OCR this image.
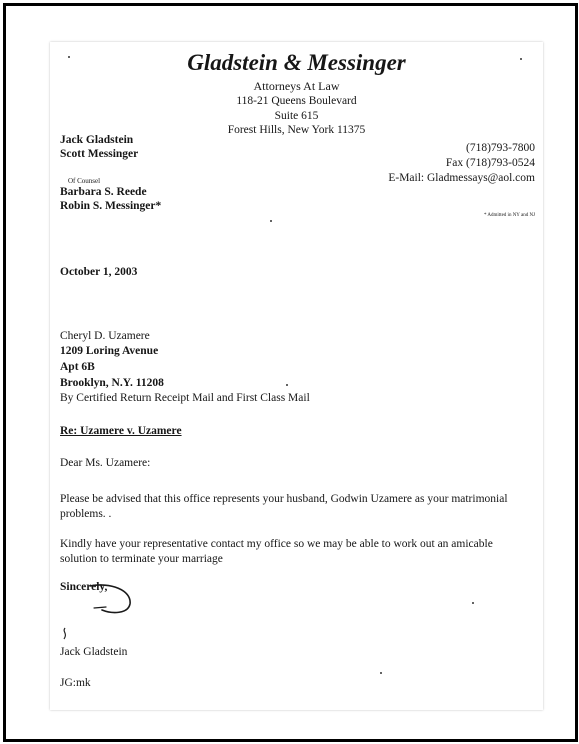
Gladstein & Messinger
Attorneys At Law
118-21 Queens Boulevard
Suite 615
Forest Hills, New York 11375
Jack Gladstein
Scott Messinger
Of Counsel
Barbara S. Reede
Robin S. Messinger*
(718)793-7800
Fax (718)793-0524
E-Mail: Gladmessays@aol.com
* Admitted in NY and NJ
October 1, 2003
Cheryl D. Uzamere
1209 Loring Avenue
Apt 6B
Brooklyn, N.Y. 11208
By Certified Return Receipt Mail and First Class Mail
Re: Uzamere v. Uzamere
Dear Ms. Uzamere:
Please be advised that this office represents your husband, Godwin Uzamere as your matrimonial
problems. .
Kindly have your representative contact my office so we may be able to work out an amicable
solution to terminate your marriage
Sincerely,
Jack Gladstein
JG:mk
